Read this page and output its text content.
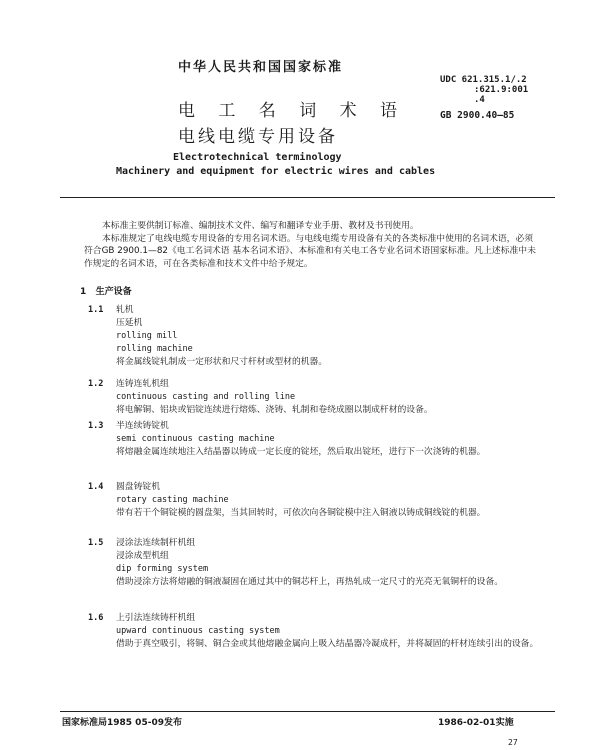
中华人民共和国国家标准
电 工 名 词 术 语
电线电缆专用设备
UDC 621.315.1∕.2
:621.9:001
.4
GB 2900.40—85
Electrotechnical terminology
Machinery and equipment for electric wires and cables

本标准主要供制订标准、编制技术文件、编写和翻译专业手册、教材及书刊使用。

本标准规定了电线电缆专用设备的专用名词术语。与电线电缆专用设备有关的各类标准中使用的名词术语，必须符合GB 2900.1—82《电工名词术语 基本名词术语》、本标准和有关电工各专业名词术语国家标准。凡上述标准中未作规定的名词术语，可在各类标准和技术文件中给予规定。

1 生产设备
1.1 轧机
压延机
rolling mill
rolling machine
将金属线锭轧制成一定形状和尺寸杆材或型材的机器。
1.2 连铸连轧机组
continuous casting and rolling line
将电解铜、铝块或铝锭连续进行熔炼、浇铸、轧制和卷绕成圈以制成杆材的设备。
1.3 半连续铸锭机
semi continuous casting machine
将熔融金属连续地注入结晶器以铸成一定长度的锭坯，然后取出锭坯，进行下一次浇铸的机器。
1.4 圆盘铸锭机
rotary casting machine
带有若干个铜锭模的圆盘架，当其回转时，可依次向各铜锭模中注入铜液以铸成铜线锭的机器。
1.5 浸涂法连续制杆机组
浸涂成型机组
dip forming system
借助浸涂方法将熔融的铜液凝固在通过其中的铜芯杆上，再热轧成一定尺寸的光亮无氧铜杆的设备。
1.6 上引法连续铸杆机组
upward continuous casting system
借助于真空吸引，将铜、铜合金或其他熔融金属向上吸入结晶器冷凝成杆，并将凝固的杆材连续引出的设备。
国家标准局1985 05-09发布	1986-02-01实施
27
